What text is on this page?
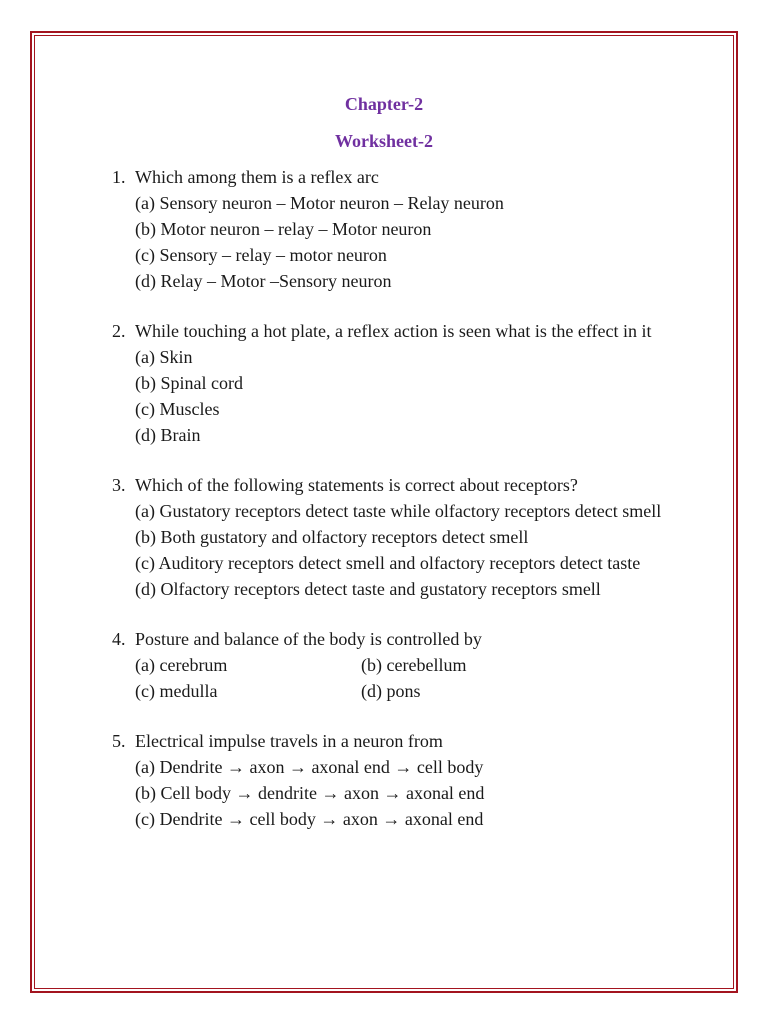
Chapter-2
Worksheet-2
1. Which among them is a reflex arc
(a) Sensory neuron – Motor neuron – Relay neuron
(b) Motor neuron – relay – Motor neuron
(c) Sensory – relay – motor neuron
(d) Relay – Motor –Sensory neuron
2. While touching a hot plate, a reflex action is seen what is the effect in it
(a) Skin
(b) Spinal cord
(c) Muscles
(d) Brain
3. Which of the following statements is correct about receptors?
(a) Gustatory receptors detect taste while olfactory receptors detect smell
(b) Both gustatory and olfactory receptors detect smell
(c) Auditory receptors detect smell and olfactory receptors detect taste
(d) Olfactory receptors detect taste and gustatory receptors smell
4. Posture and balance of the body is controlled by
(a) cerebrum	(b) cerebellum
(c) medulla	(d) pons
5. Electrical impulse travels in a neuron from
(a) Dendrite → axon → axonal end → cell body
(b) Cell body → dendrite → axon → axonal end
(c) Dendrite → cell body → axon → axonal end
